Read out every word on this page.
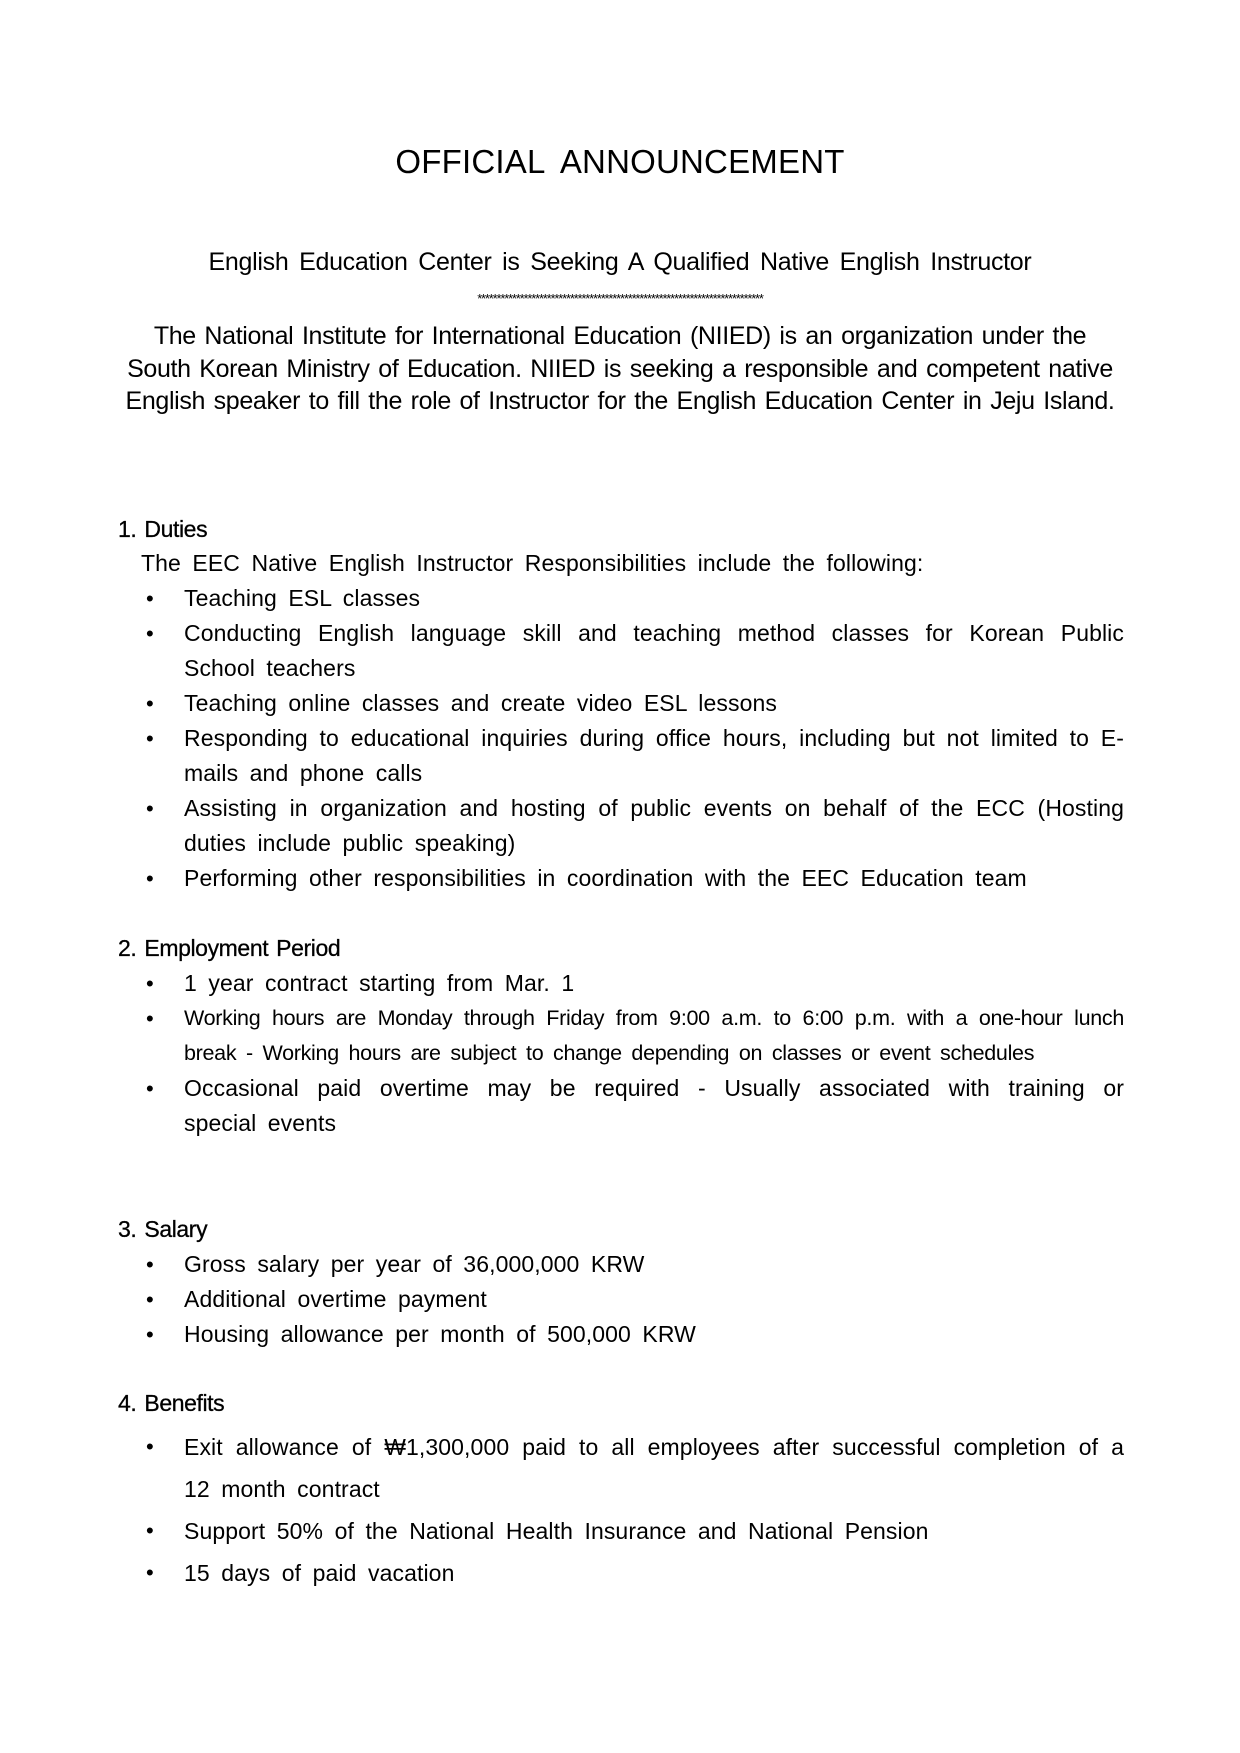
OFFICIAL ANNOUNCEMENT
English Education Center is Seeking A Qualified Native English Instructor
**************************************************************************
The National Institute for International Education (NIIED) is an organization under the South Korean Ministry of Education. NIIED is seeking a responsible and competent native English speaker to fill the role of Instructor for the English Education Center in Jeju Island.
1. Duties
The EEC Native English Instructor Responsibilities include the following:
• Teaching ESL classes
• Conducting English language skill and teaching method classes for Korean Public School teachers
• Teaching online classes and create video ESL lessons
• Responding to educational inquiries during office hours, including but not limited to E-mails and phone calls
• Assisting in organization and hosting of public events on behalf of the ECC (Hosting duties include public speaking)
• Performing other responsibilities in coordination with the EEC Education team
2. Employment Period
• 1 year contract starting from Mar. 1
• Working hours are Monday through Friday from 9:00 a.m. to 6:00 p.m. with a one-hour lunch break - Working hours are subject to change depending on classes or event schedules
• Occasional paid overtime may be required - Usually associated with training or special events
3. Salary
• Gross salary per year of 36,000,000 KRW
• Additional overtime payment
• Housing allowance per month of 500,000 KRW
4. Benefits
• Exit allowance of ₩1,300,000 paid to all employees after successful completion of a 12 month contract
• Support 50% of the National Health Insurance and National Pension
• 15 days of paid vacation
